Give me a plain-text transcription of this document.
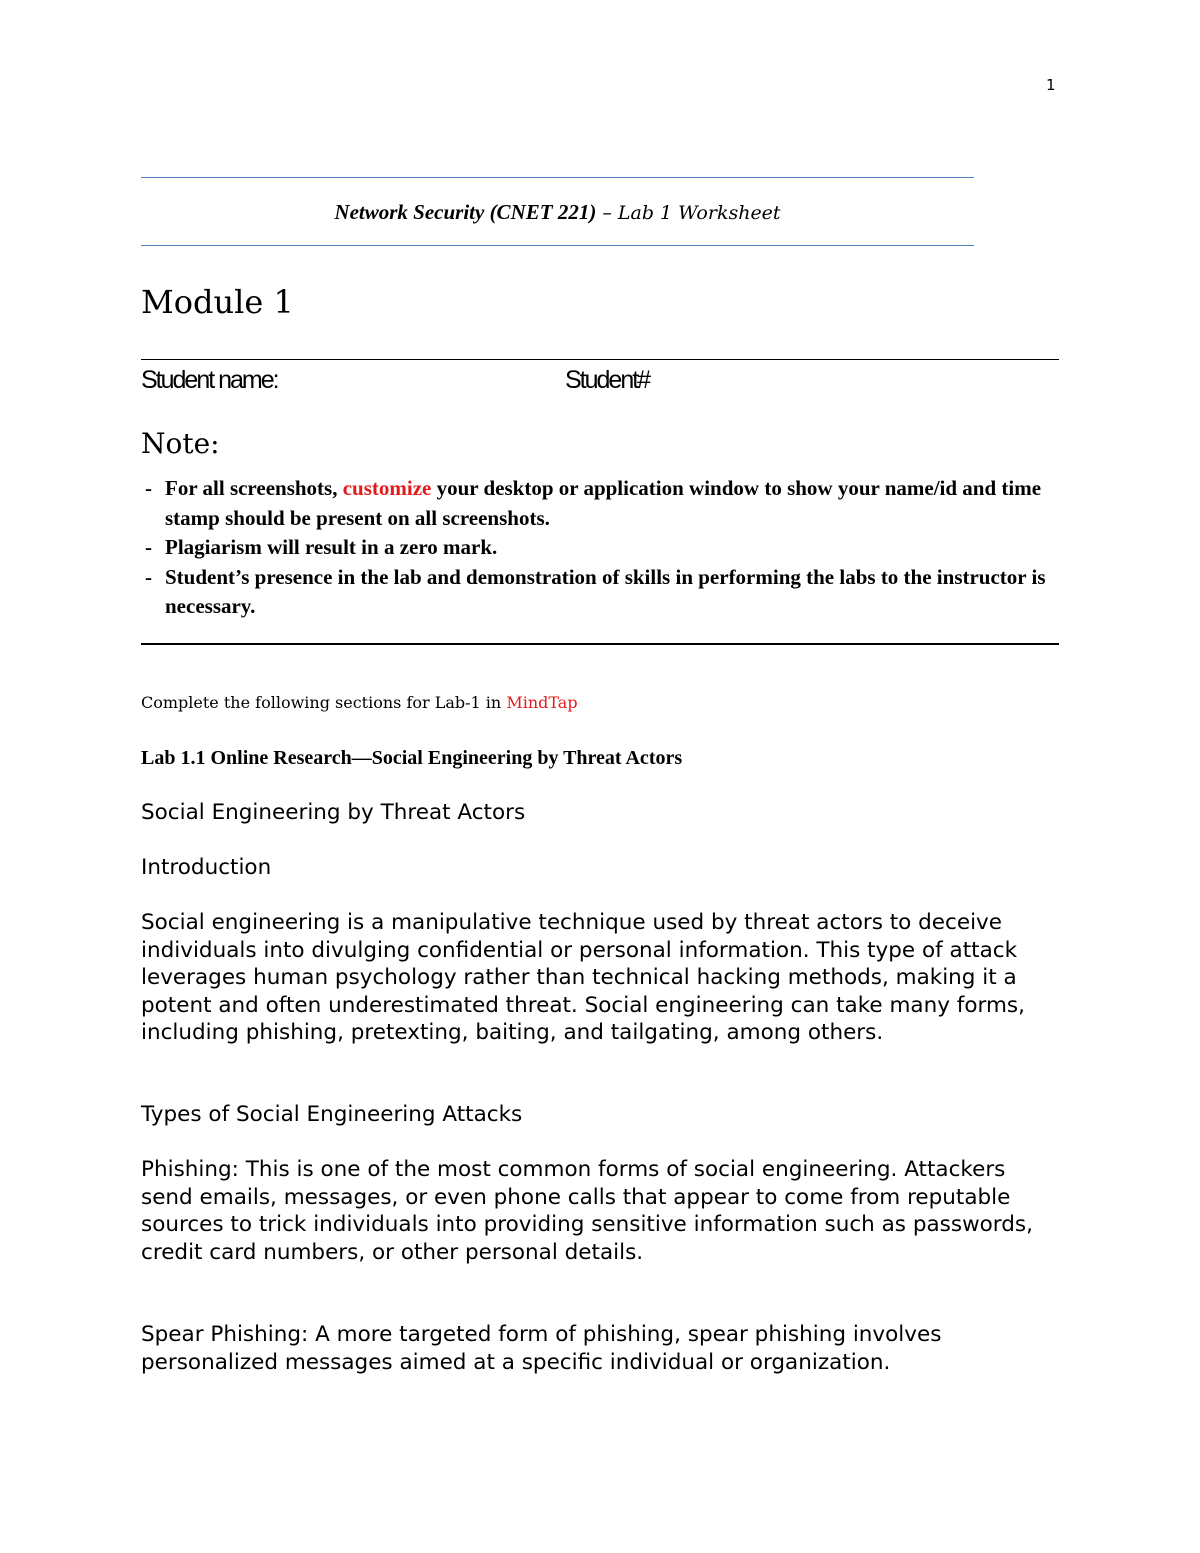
1
Network Security (CNET 221) – Lab 1 Worksheet
Module 1
Student name:	Student#
Note:
- For all screenshots, customize your desktop or application window to show your name/id and time stamp should be present on all screenshots.
- Plagiarism will result in a zero mark.
- Student’s presence in the lab and demonstration of skills in performing the labs to the instructor is necessary.
Complete the following sections for Lab-1 in MindTap
Lab 1.1 Online Research—Social Engineering by Threat Actors

Social Engineering by Threat Actors

Introduction

Social engineering is a manipulative technique used by threat actors to deceive individuals into divulging confidential or personal information. This type of attack leverages human psychology rather than technical hacking methods, making it a potent and often underestimated threat. Social engineering can take many forms, including phishing, pretexting, baiting, and tailgating, among others.

Types of Social Engineering Attacks

Phishing: This is one of the most common forms of social engineering. Attackers send emails, messages, or even phone calls that appear to come from reputable sources to trick individuals into providing sensitive information such as passwords, credit card numbers, or other personal details.

Spear Phishing: A more targeted form of phishing, spear phishing involves personalized messages aimed at a specific individual or organization.
